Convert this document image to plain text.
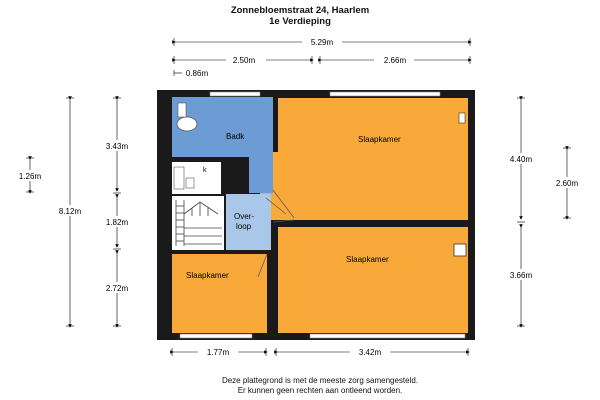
Zonnebloemstraat 24, Haarlem
1e Verdieping
Badk
k
Over-
loop
Slaapkamer
Slaapkamer
Slaapkamer
5.29m
2.50m	2.66m
0.86m
8.12m
3.43m
1.82m
2.72m
1.26m
4.40m
3.66m
2.60m
1.77m	3.42m
Deze plattegrond is met de meeste zorg samengesteld.
Er kunnen geen rechten aan ontleend worden.
